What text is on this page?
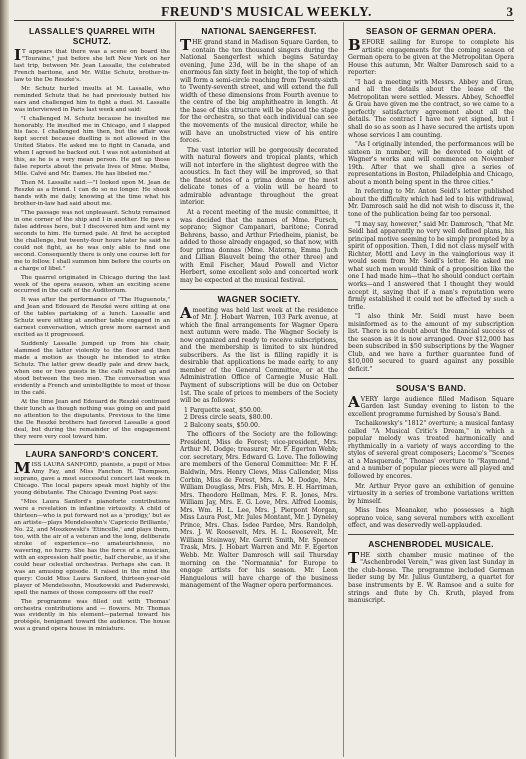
FREUND'S MUSICAL WEEKLY.	3
LASSALLE'S QUARREL WITH SCHUTZ.

I T appears that there was a scene on board the "Touraine," just before she left New York on her last trip, between Mr. Jean Lassalle, the celebrated French baritone, and Mr. Willie Schutz, brother-in-law to the De Reszké's.

Mr. Schutz hurled insults at M. Lassalle, who reminded Schutz that he had previously butted his ears and challenged him to fight a duel. M. Lassalle was interviewed in Paris last week and said:

"I challenged M. Schutz because he insulted me honorably. He insulted me in Chicago, and I slapped his face. I challenged him then, but the affair was kept secret because duelling is not allowed in the United States. He asked me to fight in Canada, and when I agreed he backed out. I was not astonished at this, as he is a very mean person. He got up those false reports about the private lives of Mme. Melba, Mlle. Calvé and Mr. Eames. He has libeled me."

Then M. Lassalle said:—"I looked upon M. Jean de Reszké as a friend. I can do so no longer. He shook hands with me daily, knowing at the time what his brother-in-law had said about me.

"The passage was not unpleasant. Schutz remained in one corner of the ship and I in another. He gave a false address here, but I discovered him and sent my seconds to him. He turned pale. At first he accepted the challenge, but twenty-four hours later he said he could not fight, as he was only able to find one second. Consequently there is only one course left for me to follow. I shall summon him before the courts on a charge of libel."

The quarrel originated in Chicago during the last week of the opera season, when an exciting scene occurred in the café of the Auditorium.

It was after the performance of "The Huguenots," and Jean and Edouard de Reszké were sitting at one of the tables partaking of a lunch. Lassalle and Schutz were sitting at another table engaged in an earnest conversation, which grew more earnest and excited as it progressed.

Suddenly Lassalle jumped up from his chair, slammed the latter violently to the floor and then made a motion as though he intended to strike Schutz. The latter grew deadly pale and drew back, when one or two guests in the café rushed up and stood between the two men. The conversation was evidently a French and unintelligible to most of those in the café.

At the time Jean and Edouard de Reszké continued their lunch as though nothing was going on and paid no attention to the disputants. Previous to the time the De Reszké brothers had favored Lassalle a good deal, but during the remainder of the engagement they were very cool toward him.

LAURA SANFORD'S CONCERT.

MISS LAURA SANFORD, pianiste, a pupil of Miss Amy Fay, and Miss Fanchon H. Thompson, soprano, gave a most successful concert last week in Chicago. The local papers speak most highly of the young débutante. The Chicago Evening Post says:

"Miss Laura Sanford's pianoforte contributions were a revelation in infantine virtuosity. A child of thirteen—who is put forward not as a 'prodigy,' but as an artiste—plays Mendelssohn's 'Capriccio Brilliante,' No. 22, and Moszkowski's 'Etincelle,' and plays them, too, with the air of a veteran and the long, deliberate stroke of experience—no amateurishness, no wavering, no hurry. She has the force of a musician, with an expression half poetic, half cherubic, as if she could hear celestial orchestras. Perhaps she can. It was an amusing episode. It raised in the mind the query: Could Miss Laura Sanford, thirteen-year-old player of Mendelssohn, Moszkowski and Paderewski, spell the names of those composers off the reel?

The programme was filled out with Thomas' orchestra contributions and — flowers. Mr. Thomas was evidently in his element—paternal toward his protégée, benignant toward the audience. The house was a grand opera house in miniature.

NATIONAL SAENGERFEST.

THE grand stand in Madison Square Garden, to contain the ten thousand singers during the National Saengerfest which begins Saturday evening, June 23d, will be in the shape of an enormous fan sixty feet in height, the top of which will form a semi-circle reaching from Twenty-sixth to Twenty-seventh street, and will extend the full width of these dimensions from Fourth avenue to the centre of the big amphitheatre in length. At the base of this structure will be placed the stage for the orchestra, so that each individual can see the movements of the musical director, while he will have an unobstructed view of his entire forces.

The vast interior will be gorgeously decorated with natural flowers and tropical plants, which will not interfere in the slightest degree with the acoustics. In fact they will be improved, so that the finest notes of a prima donna or the most delicate tones of a violin will be heard to admirable advantage throughout the great interior.

At a recent meeting of the music committee, it was decided that the names of Mme. Fursch, soprano; Signor Campanari, baritone; Conrad Behrens, basso, and Arthur Friedheim, pianist, be added to those already engaged, so that now, with four prima donnas (Mme. Materna, Emma Juch and Lillian Blauvelt being the other three) and with Emil Fischer, Maud Powell and Victor Herbert, some excellent solo and concerted work may be expected at the musical festival.

WAGNER SOCIETY.

A meeting was held last week at the residence of Mr. J. Hobart Warren, 103 Park avenue, at which the final arrangements for Wagner Opera next autumn were made. The Wagner Society is now organized and ready to receive subscriptions, and the membership is limited to six hundred subscribers. As the list is filling rapidly it is desirable that applications be made early, to any member of the General Committee, or at the Administration Office of Carnegie Music Hall. Payment of subscriptions will be due on October 1st. The scale of prices to members of the Society will be as follows:

1 Parquette seat, $50.00.
2 Dress circle seats, $80.00.
2 Balcony seats, $50.00.

The officers of the Society are the following: President, Miss de Forest; vice-president, Mrs. Arthur M. Dodge; treasurer, Mr. F. Egerton Webb; cor. secretary, Mrs. Edward G. Love. The following are members of the General Committee: Mr. F. H. Baldwin, Mrs. Henry Clews, Miss Callender, Miss Corbin, Miss de Forest, Mrs. A. M. Dodge, Mrs. William Douglass, Mrs. Fish, Mrs. E. H. Harriman, Mrs. Theodore Hellman, Mrs. F. R. Jones, Mrs. William Jay, Mrs. E. G. Love, Mrs. Alfred Loomis, Mrs. Wm. H. L. Lee, Mrs. J. Pierpont Morgan, Miss Laura Post, Mr. Jules Montant, Mr. J. Dyneley Prince, Mrs. Chas. Isdee Pardee, Mrs. Randolph, Mrs. J. W. Roosevelt, Mrs. H. L. Roosevelt, Mr. William Steinway, Mr. Gerrit Smith, Mr. Spencer Trask, Mrs. J. Hobart Warren and Mr. F. Egerton Webb. Mr. Walter Damrosch will sail Thursday morning on the "Normannia" for Europe to engage artists for his season. Mr. Leon Hanguelous will have charge of the business management of the Wagner opera performances.

SEASON OF GERMAN OPERA.

BEFORE sailing for Europe to complete his artistic engagements for the coming season of German opera to be given at the Metropolitan Opera House this autumn, Mr. Walter Damrosch said to a reporter:

"I had a meeting with Messrs. Abbey and Gran, and all the details about the lease of the Metropolitan were settled. Messrs. Abbey, Schoeffel & Grau have given me the contract, so we came to a perfectly satisfactory agreement about all the details. The contract I have not yet signed, but I shall do so as soon as I have secured the artists upon whose services I am counting.

"As I originally intended, the performances will be sixteen in number, will be devoted to eight of Wagner's works and will commence on November 19th. After that we shall give a series of representations in Boston, Philadelphia and Chicago, about a month being spent in the three cities."

In referring to Mr. Anton Seidl's letter published about the difficulty which had led to his withdrawal, Mr. Damrosch said he did not wish to discuss it, the tone of the publication being far too personal.

"I may say, however," said Mr. Damrosch, "that Mr. Seidl had apparently no very well defined plans, his principal motive seeming to be simply prompted by a spirit of opposition. Then, I did not class myself with Richter, Mottl and Levy in the vainglorious way it would seem from Mr. Seidl's letter. He asked me what such men would think of a proposition like the one I had made him—that he should conduct certain works—and I answered that I thought they would accept it, saying that if a man's reputation were firmly established it could not be affected by such a trifle.

"I also think Mr. Seidl must have been misinformed as to the amount of my subscription list. There is no doubt about the financial success of the season as it is now arranged. Over $12,000 has been subscribed in $50 subscriptions by the Wagner Club, and we have a further guarantee fund of $10,000 secured to guard against any possible deficit."

SOUSA'S BAND.

A VERY large audience filled Madison Square Garden last Sunday evening to listen to the excellent programme furnished by Sousa's Band.

Tschaikowsky's "1812" overture; a musical fantasy called "A Musical Critic's Dream," in which a popular melody was treated harmonically and rhythmically in a variety of ways according to the styles of several great composers; Lacome's "Scenes at a Masquerade," Thomas' overture to "Raymond," and a number of popular pieces were all played and followed by encores.

Mr. Arthur Pryor gave an exhibition of genuine virtuosity in a series of trombone variations written by himself.

Miss Ines Meanaker, who possesses a high soprano voice, sang several numbers with excellent effect, and was deservedly well-applauded.

ASCHENBRODEL MUSICALE.

THE sixth chamber music matinee of the "Aschenbrodel Verein," was given last Sunday in the club-house. The programme included German lieder sung by Mr. Julius Guntzberg, a quartet for base instruments by E. W. Ramsoe and a suite for strings and flute by Ch. Kruth, played from manuscript.
